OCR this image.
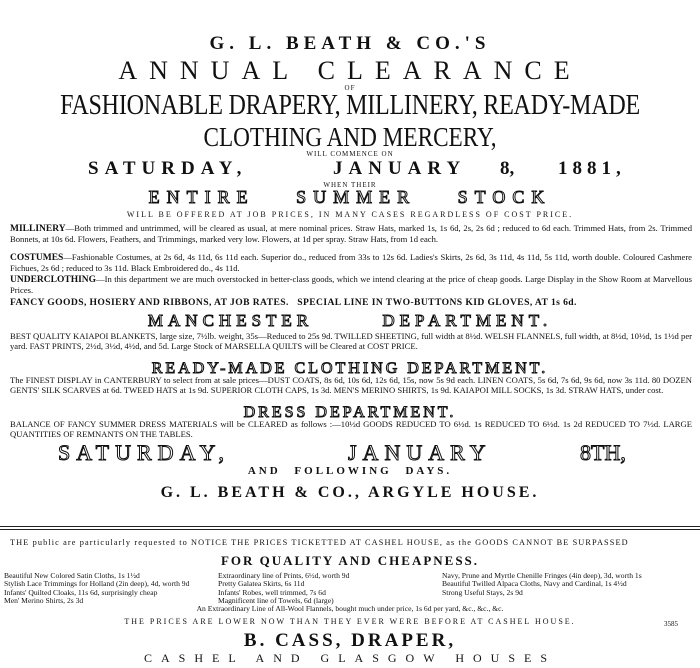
G. L. BEATH & CO.'S
ANNUAL CLEARANCE
OF
FASHIONABLE DRAPERY, MILLINERY, READY-MADE
CLOTHING AND MERCERY,
WILL COMMENCE ON
SATURDAY,	JANUARY 8, 1881,
WHEN THEIR
ENTIRE SUMMER STOCK
WILL BE OFFERED AT JOB PRICES, IN MANY CASES REGARDLESS OF COST PRICE.
MILLINERY—Both trimmed and untrimmed, will be cleared as usual, at mere nominal prices. Straw Hats, marked 1s, 1s 6d, 2s, 2s 6d ; reduced to 6d each. Trimmed Hats, from 2s. Trimmed Bonnets, at 10s 6d. Flowers, Feathers, and Trimmings, marked very low. Flowers, at 1d per spray. Straw Hats, from 1d each.
COSTUMES—Fashionable Costumes, at 2s 6d, 4s 11d, 6s 11d each. Superior do., reduced from 33s to 12s 6d. Ladies's Skirts, 2s 6d, 3s 11d, 4s 11d, 5s 11d, worth double. Coloured Cashmere Fichues, 2s 6d ; reduced to 3s 11d. Black Embroidered do., 4s 11d.
UNDERCLOTHING—In this department we are much overstocked in better-class goods, which we intend clearing at the price of cheap goods. Large Display in the Show Room at Marvellous Prices.
FANCY GOODS, HOSIERY AND RIBBONS, AT JOB RATES. SPECIAL LINE IN TWO-BUTTONS KID GLOVES, AT 1s 6d.
MANCHESTER DEPARTMENT.
BEST QUALITY KAIAPOI BLANKETS, large size, 7½lb. weight, 35s—Reduced to 25s 9d. TWILLED SHEETING, full width at 8½d. WELSH FLANNELS, full width, at 8½d, 10½d, 1s 1½d per yard. FAST PRINTS, 2½d, 3½d, 4½d, and 5d. Large Stock of MARSELLA QUILTS will be Cleared at COST PRICE.
READY-MADE CLOTHING DEPARTMENT.
The FINEST DISPLAY in CANTERBURY to select from at sale prices—DUST COATS, 8s 6d, 10s 6d, 12s 6d, 15s, now 5s 9d each. LINEN COATS, 5s 6d, 7s 6d, 9s 6d, now 3s 11d. 80 DOZEN GENTS' SILK SCARVES at 6d. TWEED HATS at 1s 9d. SUPERIOR CLOTH CAPS, 1s 3d. MEN'S MERINO SHIRTS, 1s 9d. KAIAPOI MILL SOCKS, 1s 3d. STRAW HATS, under cost.
DRESS DEPARTMENT.
BALANCE OF FANCY SUMMER DRESS MATERIALS will be CLEARED as follows :—10½d GOODS REDUCED TO 6½d. 1s REDUCED TO 6½d. 1s 2d REDUCED TO 7½d. LARGE QUANTITIES OF REMNANTS ON THE TABLES.
SATURDAY,	JANUARY	8TH,
AND FOLLOWING DAYS.
G. L. BEATH & CO., ARGYLE HOUSE.
THE public are particularly requested to NOTICE THE PRICES TICKETTED AT CASHEL HOUSE, as the GOODS CANNOT BE SURPASSED
FOR QUALITY AND CHEAPNESS.
Beautiful New Colored Satin Cloths, 1s 1½d
Stylish Lace Trimmings for Holland (2in deep), 4d, worth 9d
Infants' Quilted Cloaks, 11s 6d, surprisingly cheap
Men' Merino Shirts, 2s 3d
Extraordinary line of Prints, 6½d, worth 9d
Pretty Galatea Skirts, 6s 11d
Infants' Robes, well trimmed, 7s 6d
Magnificent line of Towels, 6d (large)
Navy, Prune and Myrtle Chenille Fringes (4in deep), 3d, worth 1s
Beautiful Twilled Alpaca Cloths, Navy and Cardinal, 1s 4½d
Strong Useful Stays, 2s 9d
An Extraordinary Line of All-Wool Flannels, bought much under price, 1s 6d per yard, &c., &c., &c.
THE PRICES ARE LOWER NOW THAN THEY EVER WERE BEFORE AT CASHEL HOUSE.	3585
B. CASS, DRAPER,
CASHEL AND GLASGOW HOUSES
